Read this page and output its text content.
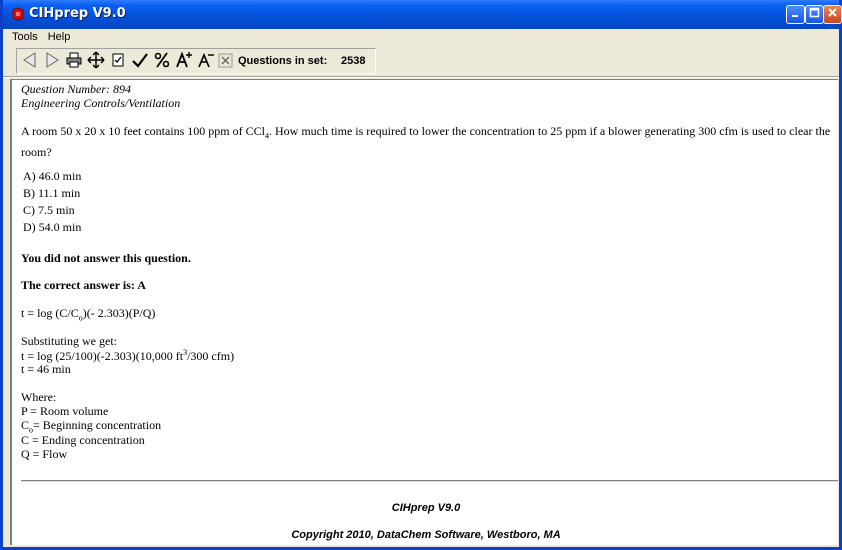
CIHprep V9.0
Tools Help
Questions in set: 2538
Question Number: 894
Engineering Controls/Ventilation
A room 50 x 20 x 10 feet contains 100 ppm of CCl$_4$. How much time is required to lower the concentration to 25 ppm if a blower generating 300 cfm is used to clear the room?
A) 46.0 min
B) 11.1 min
C) 7.5 min
D) 54.0 min
You did not answer this question.
The correct answer is: A
$t = \log (C/C_o)(-$ 2.303)(P/Q)
Substituting we get:
t = log (25/100)(-2.303)(10,000 $ft^3/300$ cfm)
t = 46 min
Where:
P = Room volume
$C_o=$ Beginning concentration
C = Ending concentration
Q = Flow
CIHprep V9.0
Copyright 2010, DataChem Software, Westboro, MA
